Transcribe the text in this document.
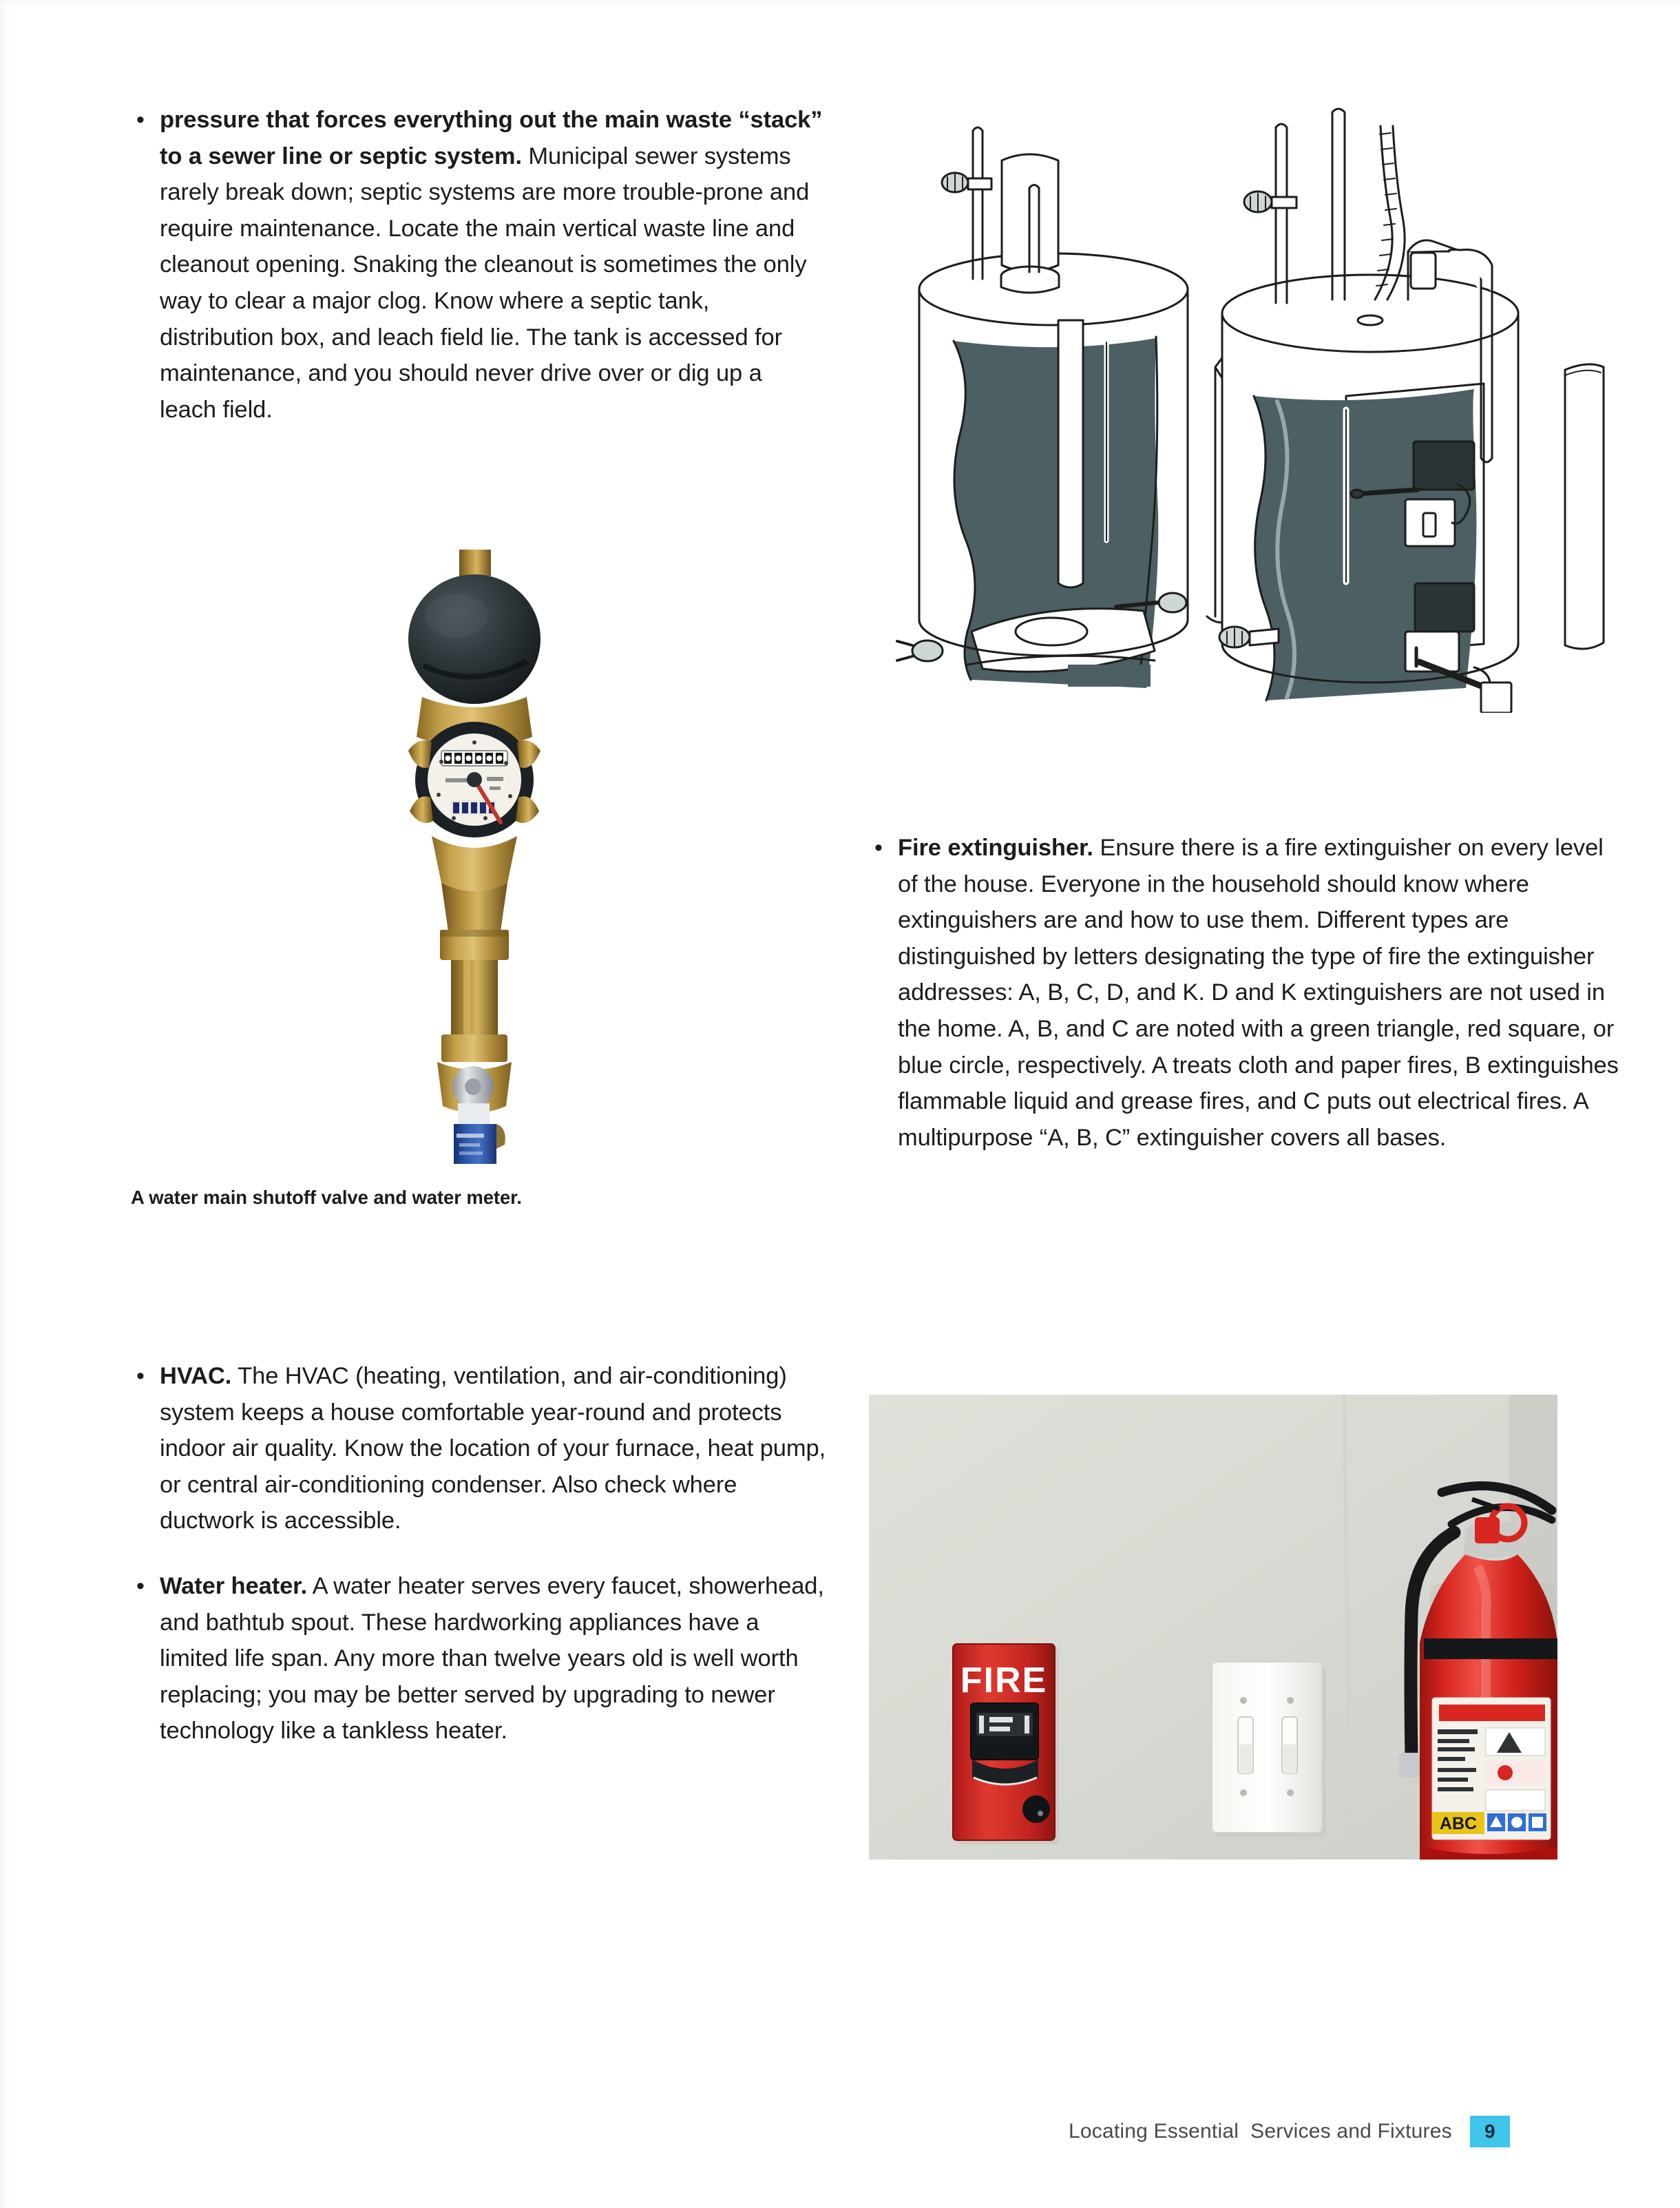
• pressure that forces everything out the main waste “stack” to a sewer line or septic system. Municipal sewer systems rarely break down; septic systems are more trouble-prone and require maintenance. Locate the main vertical waste line and cleanout opening. Snaking the cleanout is sometimes the only way to clear a major clog. Know where a septic tank, distribution box, and leach field lie. The tank is accessed for maintenance, and you should never drive over or dig up a leach field.

A water main shutoff valve and water meter.
• Fire extinguisher. Ensure there is a fire extinguisher on every level of the house. Everyone in the household should know where extinguishers are and how to use them. Different types are distinguished by letters designating the type of fire the extinguisher addresses: A, B, C, D, and K. D and K extinguishers are not used in the home. A, B, and C are noted with a green triangle, red square, or blue circle, respectively. A treats cloth and paper fires, B extinguishes flammable liquid and grease fires, and C puts out electrical fires. A multipurpose “A, B, C” extinguisher covers all bases.

• HVAC. The HVAC (heating, ventilation, and air-conditioning) system keeps a house comfortable year-round and protects indoor air quality. Know the location of your furnace, heat pump, or central air-conditioning condenser. Also check where ductwork is accessible.

• Water heater. A water heater serves every faucet, showerhead, and bathtub spout. These hardworking appliances have a limited life span. Any more than twelve years old is well worth replacing; you may be better served by upgrading to newer technology like a tankless heater.

FIRE
ABC
Locating Essential  Services and Fixtures 9
